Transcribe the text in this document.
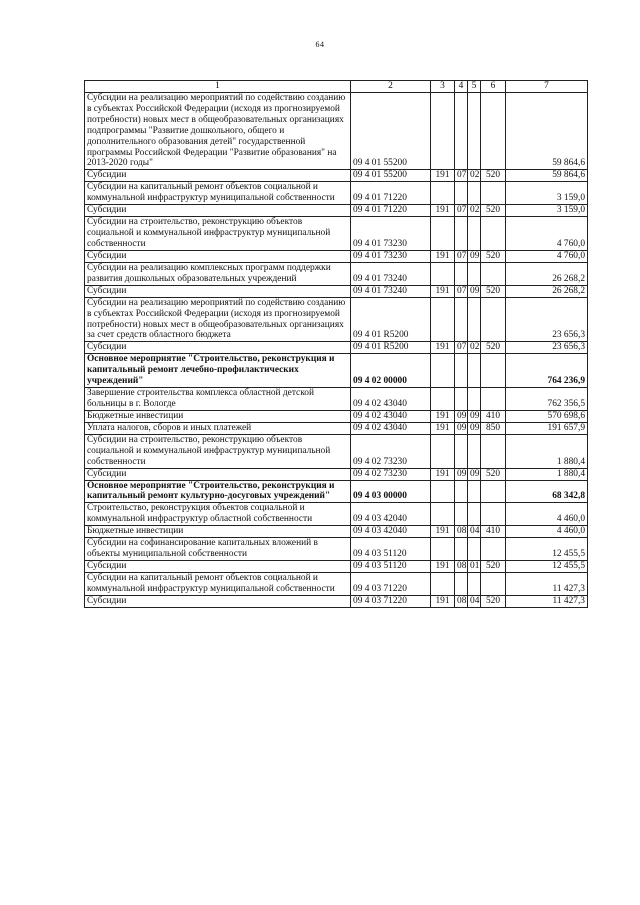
64
1	2	3	4	5	6	7
Субсидии на реализацию мероприятий по содействию созданию в субъектах Российской Федерации (исходя из прогнозируемой потребности) новых мест в общеобразовательных организациях подпрограммы "Развитие дошкольного, общего и дополнительного образования детей" государственной программы Российской Федерации "Развитие образования" на 2013-2020 годы"	09 4 01 55200					59 864,6
Субсидии	09 4 01 55200	191	07	02	520	59 864,6
Субсидии на капитальный ремонт объектов социальной и коммунальной инфраструктур муниципальной собственности	09 4 01 71220					3 159,0
Субсидии	09 4 01 71220	191	07	02	520	3 159,0
Субсидии на строительство, реконструкцию объектов социальной и коммунальной инфраструктур муниципальной собственности	09 4 01 73230					4 760,0
Субсидии	09 4 01 73230	191	07	09	520	4 760,0
Субсидии на реализацию комплексных программ поддержки развития дошкольных образовательных учреждений	09 4 01 73240					26 268,2
Субсидии	09 4 01 73240	191	07	09	520	26 268,2
Субсидии на реализацию мероприятий по содействию созданию в субъектах Российской Федерации (исходя из прогнозируемой потребности) новых мест в общеобразовательных организациях за счет средств областного бюджета	09 4 01 R5200					23 656,3
Субсидии	09 4 01 R5200	191	07	02	520	23 656,3
Основное мероприятие "Строительство, реконструкция и капитальный ремонт лечебно-профилактических учреждений"	09 4 02 00000					764 236,9
Завершение строительства комплекса областной детской больницы в г. Вологде	09 4 02 43040					762 356,5
Бюджетные инвестиции	09 4 02 43040	191	09	09	410	570 698,6
Уплата налогов, сборов и иных платежей	09 4 02 43040	191	09	09	850	191 657,9
Субсидии на строительство, реконструкцию объектов социальной и коммунальной инфраструктур муниципальной собственности	09 4 02 73230					1 880,4
Субсидии	09 4 02 73230	191	09	09	520	1 880,4
Основное мероприятие "Строительство, реконструкция и капитальный ремонт культурно-досуговых учреждений"	09 4 03 00000					68 342,8
Строительство, реконструкция объектов социальной и коммунальной инфраструктур областной собственности	09 4 03 42040					4 460,0
Бюджетные инвестиции	09 4 03 42040	191	08	04	410	4 460,0
Субсидии на софинансирование капитальных вложений в объекты муниципальной собственности	09 4 03 51120					12 455,5
Субсидии	09 4 03 51120	191	08	01	520	12 455,5
Субсидии на капитальный ремонт объектов социальной и коммунальной инфраструктур муниципальной собственности	09 4 03 71220					11 427,3
Субсидии	09 4 03 71220	191	08	04	520	11 427,3
